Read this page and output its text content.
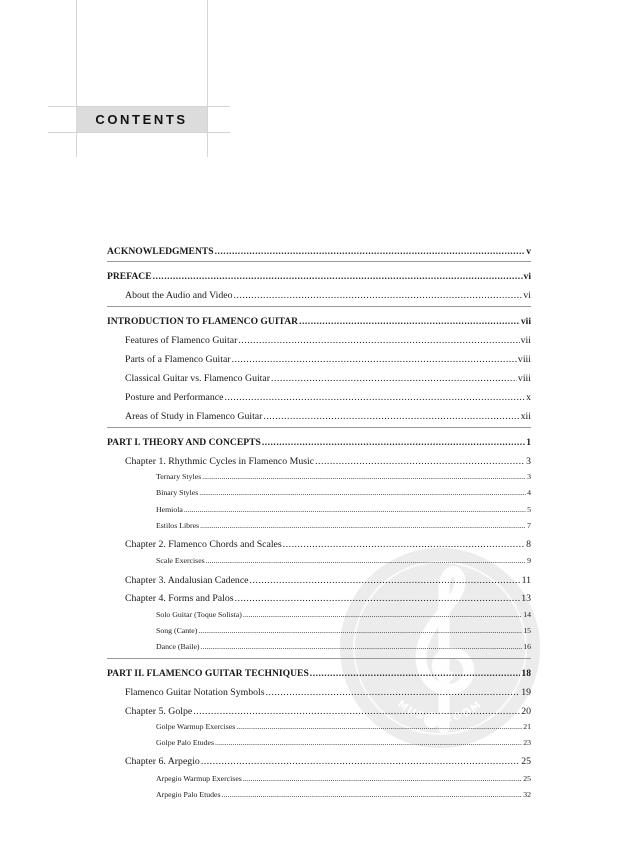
CONTENTS
MUSIC ROOM
ACKNOWLEDGMENTS .....	v
PREFACE .....	vi
About the Audio and Video .....	vi
INTRODUCTION TO FLAMENCO GUITAR .....	vii
Features of Flamenco Guitar .....	vii
Parts of a Flamenco Guitar .....	viii
Classical Guitar vs. Flamenco Guitar .....	viii
Posture and Performance .....	x
Areas of Study in Flamenco Guitar .....	xii
PART I. THEORY AND CONCEPTS .....	1
Chapter 1. Rhythmic Cycles in Flamenco Music .....	3
Ternary Styles .....	3
Binary Styles .....	4
Hemiola .....	5
Estilos Libres .....	7
Chapter 2. Flamenco Chords and Scales .....	8
Scale Exercises .....	9
Chapter 3. Andalusian Cadence .....	11
Chapter 4. Forms and Palos .....	13
Solo Guitar (Toque Solista) .....	14
Song (Cante) .....	15
Dance (Baile) .....	16
PART II. FLAMENCO GUITAR TECHNIQUES .....	18
Flamenco Guitar Notation Symbols .....	19
Chapter 5. Golpe .....	20
Golpe Warmup Exercises .....	21
Golpe Palo Etudes .....	23
Chapter 6. Arpegio .....	25
Arpegio Warmup Exercises .....	25
Arpegio Palo Etudes .....	32
